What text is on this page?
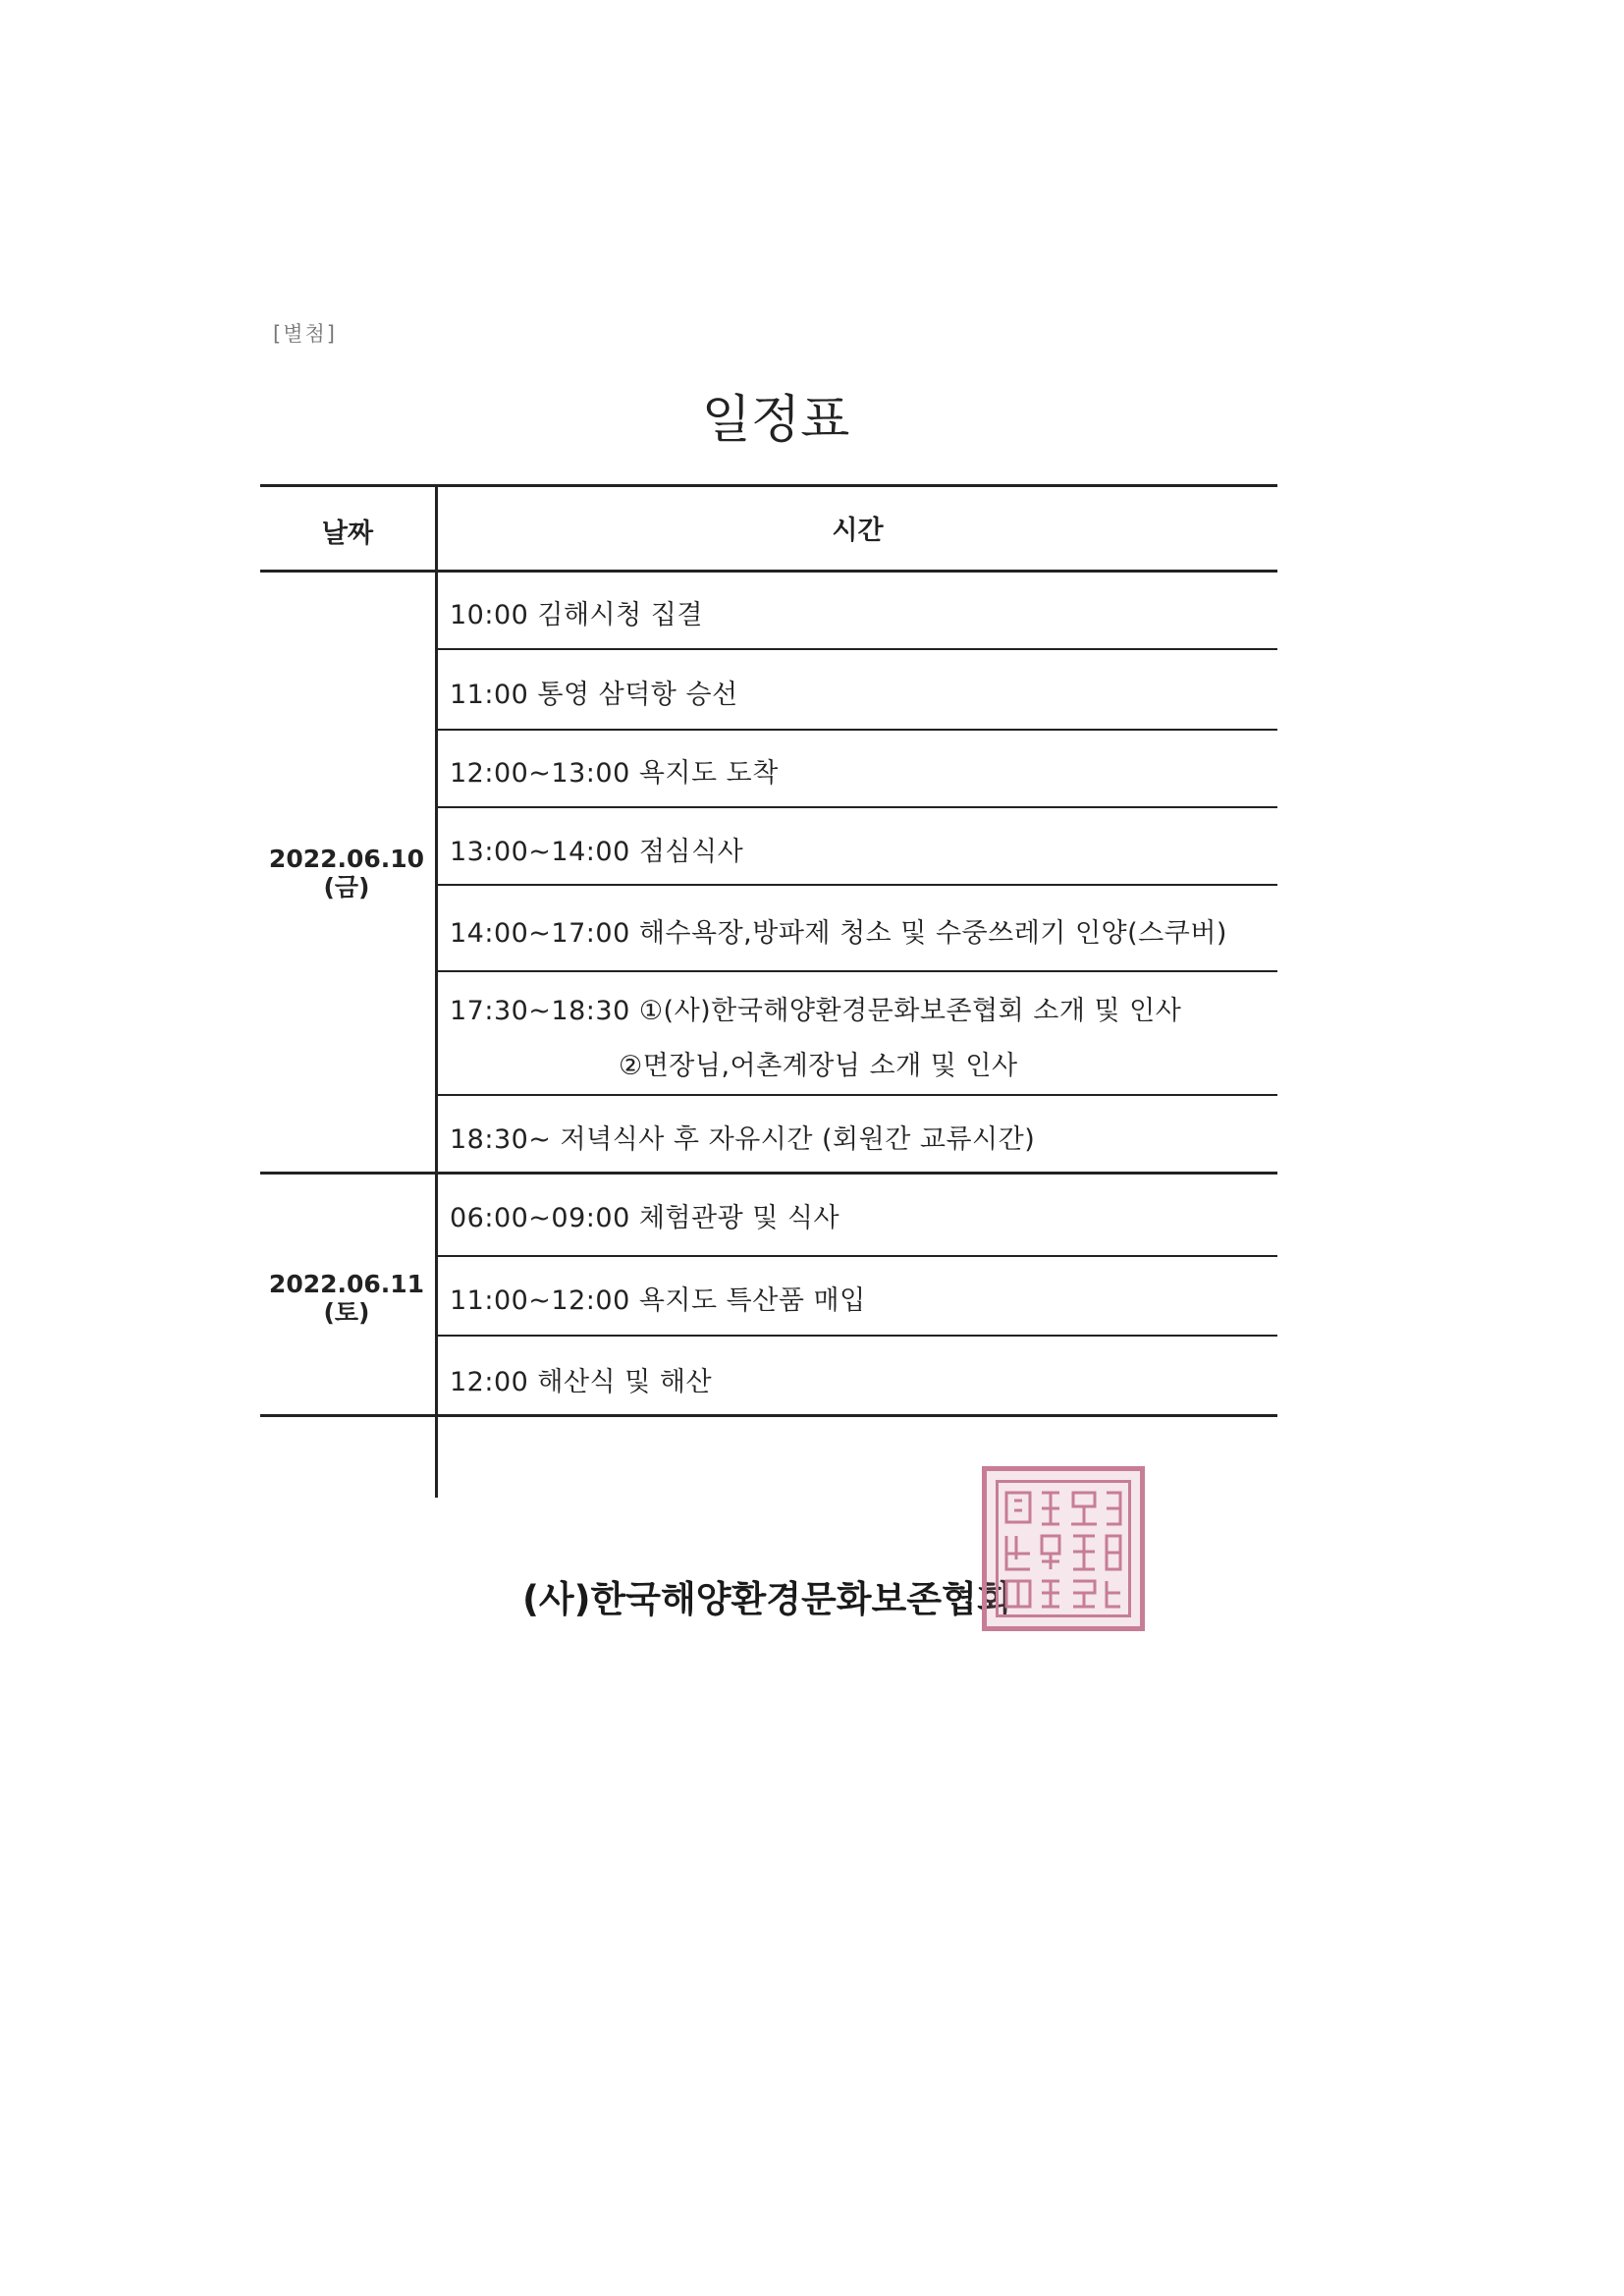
[별첨]
일정표
날짜	시간
2022.06.10
(금)
10:00 김해시청 집결
11:00 통영 삼덕항 승선
12:00~13:00 욕지도 도착
13:00~14:00 점심식사
14:00~17:00 해수욕장,방파제 청소 및 수중쓰레기 인양(스쿠버)
17:30~18:30 ①(사)한국해양환경문화보존협회 소개 및 인사
②면장님,어촌계장님 소개 및 인사
18:30~ 저녁식사 후 자유시간 (회원간 교류시간)
2022.06.11
(토)
06:00~09:00 체험관광 및 식사
11:00~12:00 욕지도 특산품 매입
12:00 해산식 및 해산
(사)한국해양환경문화보존협회
